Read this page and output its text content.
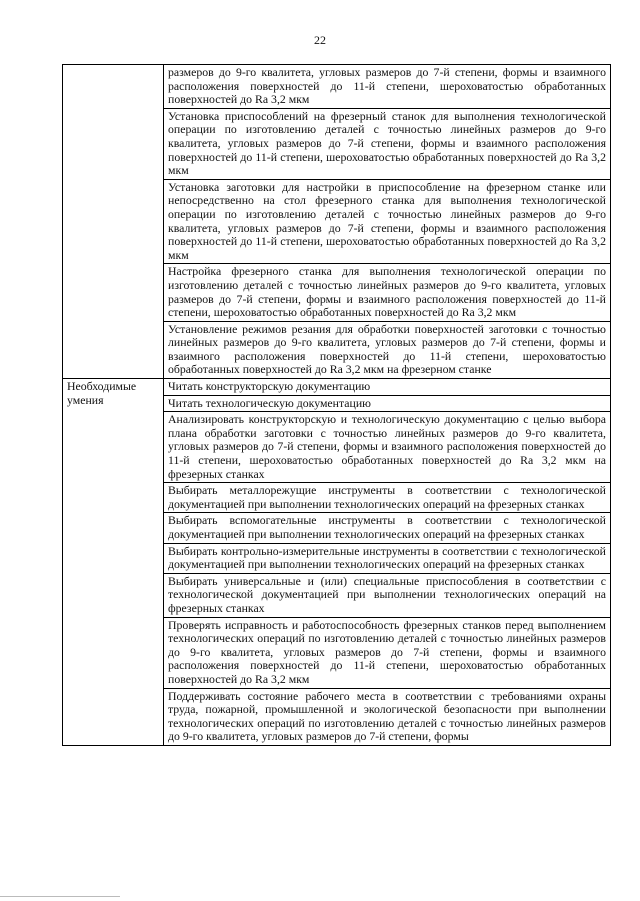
22
	размеров до 9-го квалитета, угловых размеров до 7-й степени, формы и взаимного расположения поверхностей до 11-й степени, шероховатостью обработанных поверхностей до Ra 3,2 мкм
	Установка приспособлений на фрезерный станок для выполнения технологической операции по изготовлению деталей с точностью линейных размеров до 9-го квалитета, угловых размеров до 7-й степени, формы и взаимного расположения поверхностей до 11-й степени, шероховатостью обработанных поверхностей до Ra 3,2 мкм
	Установка заготовки для настройки в приспособление на фрезерном станке или непосредственно на стол фрезерного станка для выполнения технологической операции по изготовлению деталей с точностью линейных размеров до 9-го квалитета, угловых размеров до 7-й степени, формы и взаимного расположения поверхностей до 11-й степени, шероховатостью обработанных поверхностей до Ra 3,2 мкм
	Настройка фрезерного станка для выполнения технологической операции по изготовлению деталей с точностью линейных размеров до 9-го квалитета, угловых размеров до 7-й степени, формы и взаимного расположения поверхностей до 11-й степени, шероховатостью обработанных поверхностей до Ra 3,2 мкм
	Установление режимов резания для обработки поверхностей заготовки с точностью линейных размеров до 9-го квалитета, угловых размеров до 7-й степени, формы и взаимного расположения поверхностей до 11-й степени, шероховатостью обработанных поверхностей до Ra 3,2 мкм на фрезерном станке
Необходимые умения	Читать конструкторскую документацию
	Читать технологическую документацию
	Анализировать конструкторскую и технологическую документацию с целью выбора плана обработки заготовки с точностью линейных размеров до 9-го квалитета, угловых размеров до 7-й степени, формы и взаимного расположения поверхностей до 11-й степени, шероховатостью обработанных поверхностей до Ra 3,2 мкм на фрезерных станках
	Выбирать металлорежущие инструменты в соответствии с технологической документацией при выполнении технологических операций на фрезерных станках
	Выбирать вспомогательные инструменты в соответствии с технологической документацией при выполнении технологических операций на фрезерных станках
	Выбирать контрольно-измерительные инструменты в соответствии с технологической документацией при выполнении технологических операций на фрезерных станках
	Выбирать универсальные и (или) специальные приспособления в соответствии с технологической документацией при выполнении технологических операций на фрезерных станках
	Проверять исправность и работоспособность фрезерных станков перед выполнением технологических операций по изготовлению деталей с точностью линейных размеров до 9-го квалитета, угловых размеров до 7-й степени, формы и взаимного расположения поверхностей до 11-й степени, шероховатостью обработанных поверхностей до Ra 3,2 мкм
	Поддерживать состояние рабочего места в соответствии с требованиями охраны труда, пожарной, промышленной и экологической безопасности при выполнении технологических операций по изготовлению деталей с точностью линейных размеров до 9-го квалитета, угловых размеров до 7-й степени, формы
